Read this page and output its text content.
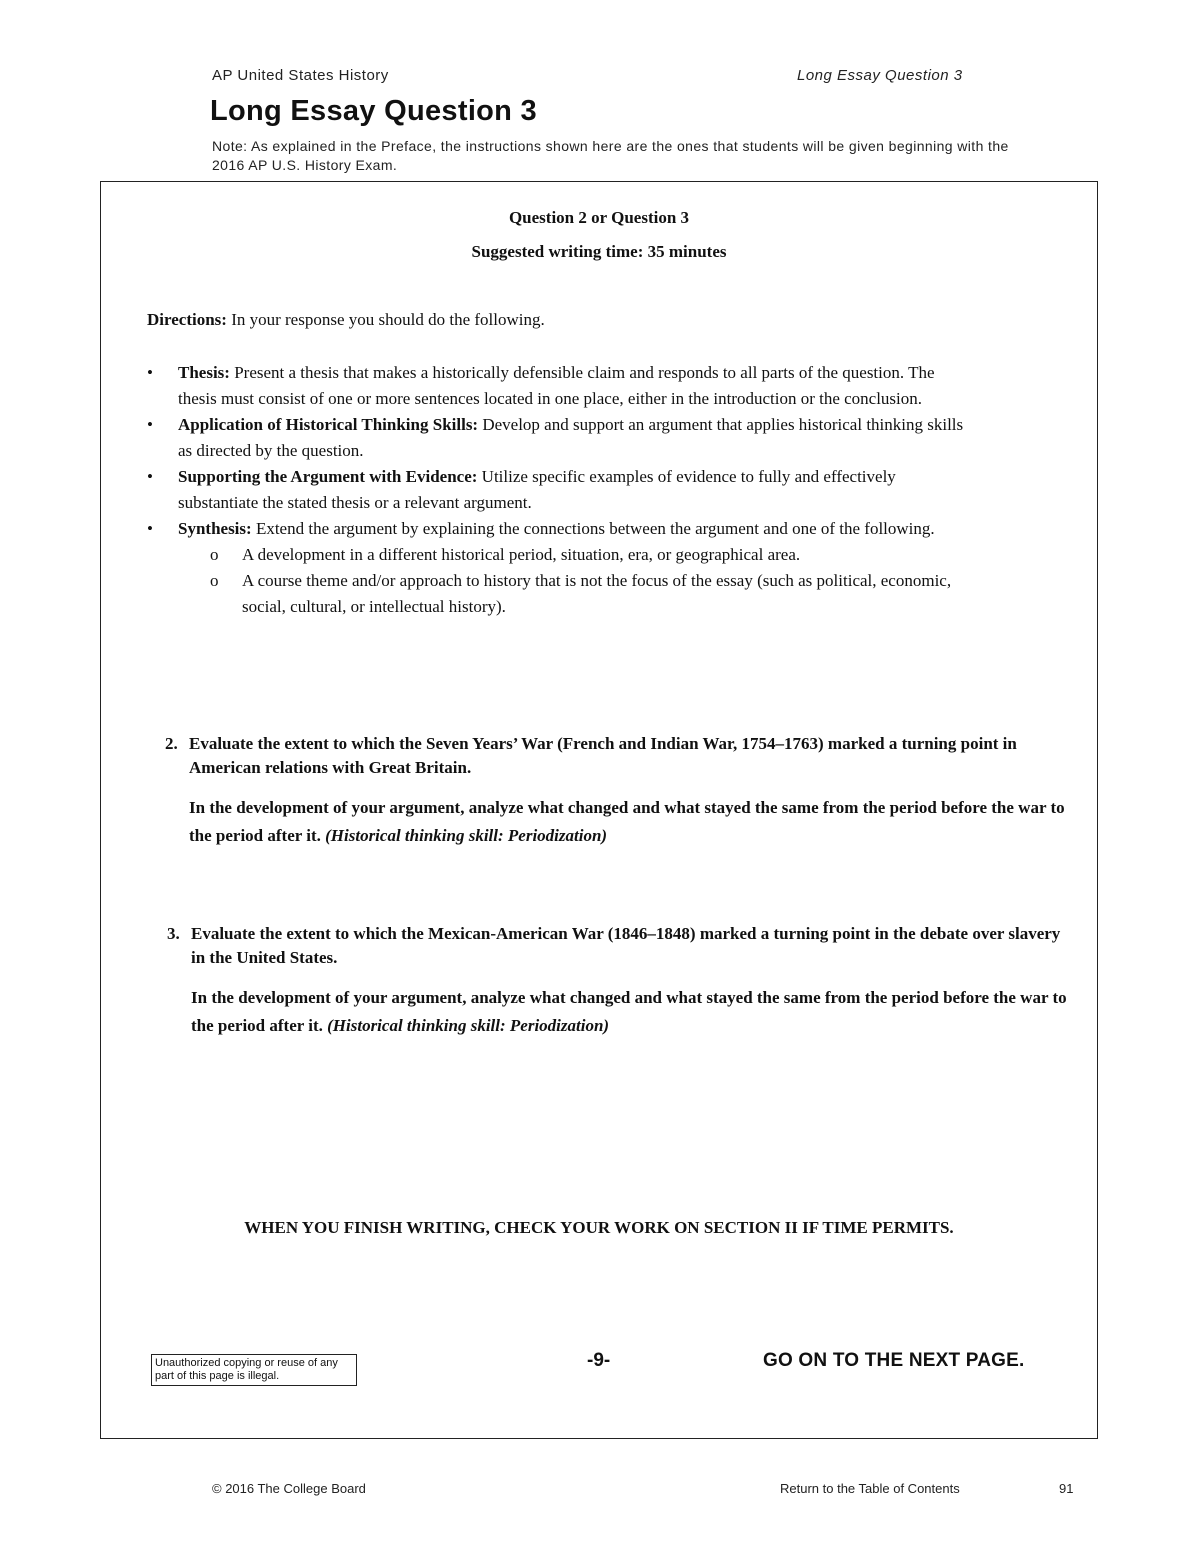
AP United States History	Long Essay Question 3
Long Essay Question 3
Note: As explained in the Preface, the instructions shown here are the ones that students will be given beginning with the 2016 AP U.S. History Exam.
Question 2 or Question 3
Suggested writing time: 35 minutes
Directions: In your response you should do the following.
• Thesis: Present a thesis that makes a historically defensible claim and responds to all parts of the question. The thesis must consist of one or more sentences located in one place, either in the introduction or the conclusion.
• Application of Historical Thinking Skills: Develop and support an argument that applies historical thinking skills as directed by the question.
• Supporting the Argument with Evidence: Utilize specific examples of evidence to fully and effectively substantiate the stated thesis or a relevant argument.
• Synthesis: Extend the argument by explaining the connections between the argument and one of the following.
o A development in a different historical period, situation, era, or geographical area.
o A course theme and/or approach to history that is not the focus of the essay (such as political, economic, social, cultural, or intellectual history).
2. Evaluate the extent to which the Seven Years’ War (French and Indian War, 1754–1763) marked a turning point in American relations with Great Britain.
In the development of your argument, analyze what changed and what stayed the same from the period before the war to the period after it. (Historical thinking skill: Periodization)
3. Evaluate the extent to which the Mexican-American War (1846–1848) marked a turning point in the debate over slavery in the United States.
In the development of your argument, analyze what changed and what stayed the same from the period before the war to the period after it. (Historical thinking skill: Periodization)
WHEN YOU FINISH WRITING, CHECK YOUR WORK ON SECTION II IF TIME PERMITS.
Unauthorized copying or reuse of any part of this page is illegal.
-9-	GO ON TO THE NEXT PAGE.
© 2016 The College Board	Return to the Table of Contents	91
